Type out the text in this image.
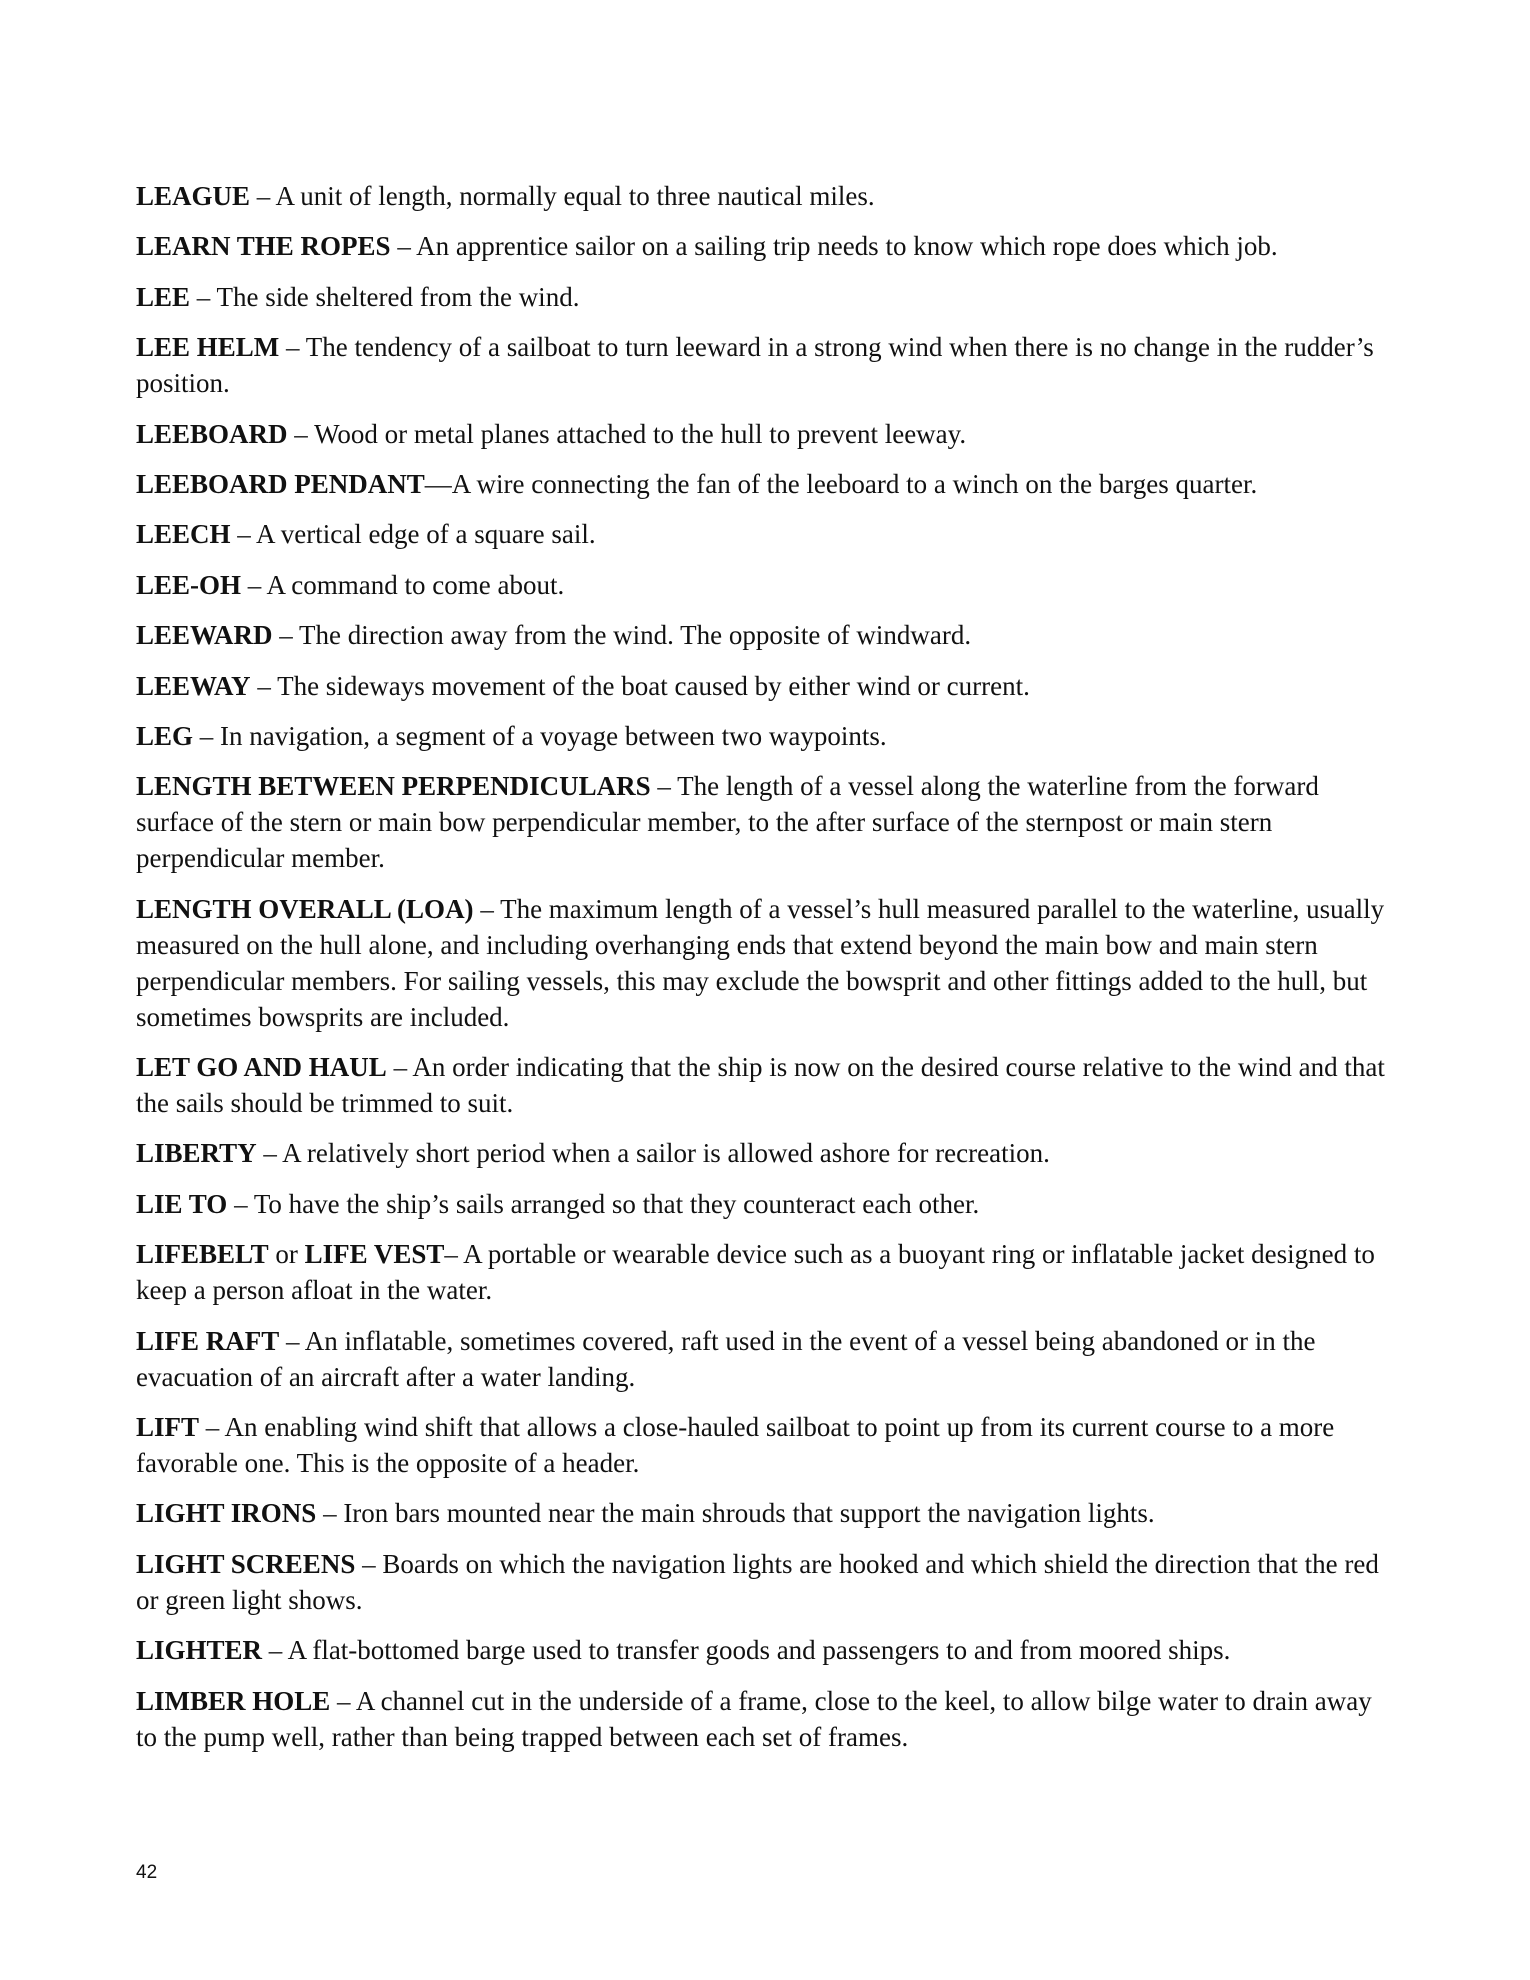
LEAGUE – A unit of length, normally equal to three nautical miles.

LEARN THE ROPES – An apprentice sailor on a sailing trip needs to know which rope does which job.

LEE – The side sheltered from the wind.

LEE HELM – The tendency of a sailboat to turn leeward in a strong wind when there is no change in the rudder’s position.

LEEBOARD – Wood or metal planes attached to the hull to prevent leeway.

LEEBOARD PENDANT—A wire connecting the fan of the leeboard to a winch on the barges quarter.

LEECH – A vertical edge of a square sail.

LEE-OH – A command to come about.

LEEWARD – The direction away from the wind. The opposite of windward.

LEEWAY – The sideways movement of the boat caused by either wind or current.

LEG – In navigation, a segment of a voyage between two waypoints.

LENGTH BETWEEN PERPENDICULARS – The length of a vessel along the waterline from the forward surface of the stern or main bow perpendicular member, to the after surface of the sternpost or main stern perpendicular member.

LENGTH OVERALL (LOA) – The maximum length of a vessel’s hull measured parallel to the waterline, usually measured on the hull alone, and including overhanging ends that extend beyond the main bow and main stern perpendicular members. For sailing vessels, this may exclude the bowsprit and other fittings added to the hull, but sometimes bowsprits are included.

LET GO AND HAUL – An order indicating that the ship is now on the desired course relative to the wind and that the sails should be trimmed to suit.

LIBERTY – A relatively short period when a sailor is allowed ashore for recreation.

LIE TO – To have the ship’s sails arranged so that they counteract each other.

LIFEBELT or LIFE VEST– A portable or wearable device such as a buoyant ring or inflatable jacket designed to keep a person afloat in the water.

LIFE RAFT – An inflatable, sometimes covered, raft used in the event of a vessel being abandoned or in the evacuation of an aircraft after a water landing.

LIFT – An enabling wind shift that allows a close-hauled sailboat to point up from its current course to a more favorable one. This is the opposite of a header.

LIGHT IRONS – Iron bars mounted near the main shrouds that support the navigation lights.

LIGHT SCREENS – Boards on which the navigation lights are hooked and which shield the direction that the red or green light shows.

LIGHTER – A flat-bottomed barge used to transfer goods and passengers to and from moored ships.

LIMBER HOLE – A channel cut in the underside of a frame, close to the keel, to allow bilge water to drain away to the pump well, rather than being trapped between each set of frames.

42
